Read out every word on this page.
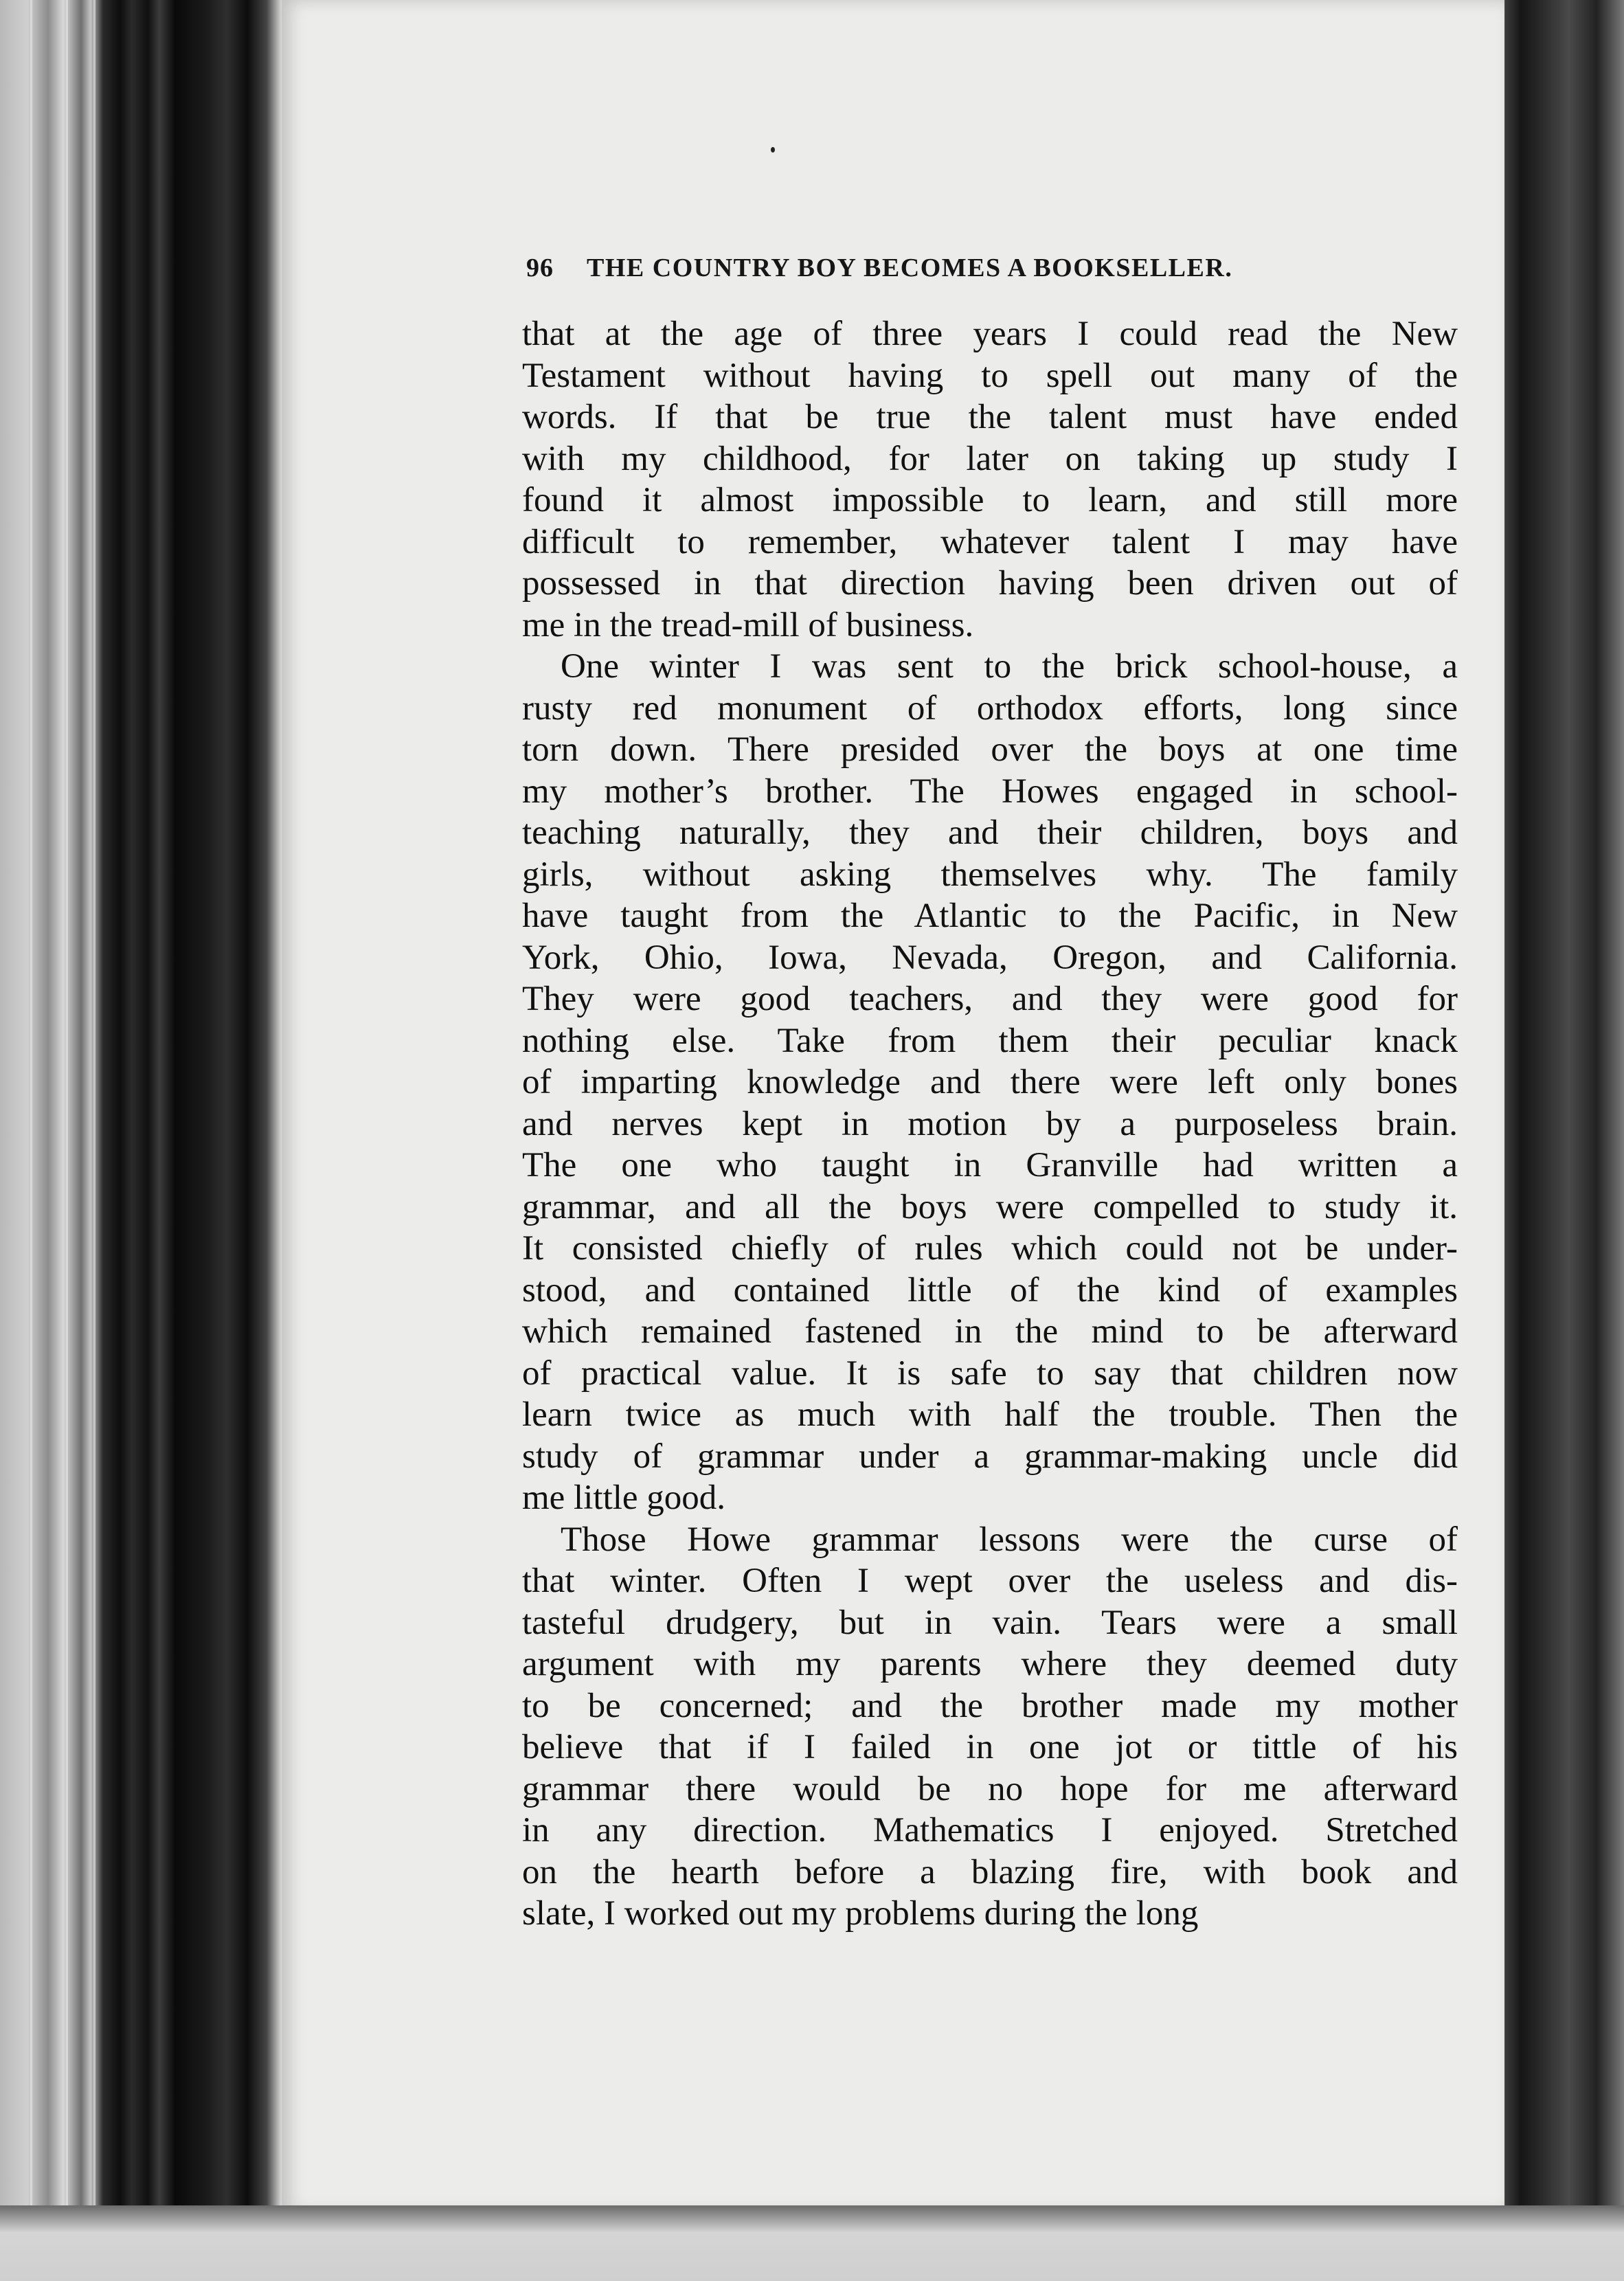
96 THE COUNTRY BOY BECOMES A BOOKSELLER.
that at the age of three years I could read the New
Testament without having to spell out many of the
words. If that be true the talent must have ended
with my childhood, for later on taking up study I
found it almost impossible to learn, and still more
difficult to remember, whatever talent I may have
possessed in that direction having been driven out of
me in the tread-mill of business.
One winter I was sent to the brick school-house, a
rusty red monument of orthodox efforts, long since
torn down. There presided over the boys at one time
my mother’s brother. The Howes engaged in school-
teaching naturally, they and their children, boys and
girls, without asking themselves why. The family
have taught from the Atlantic to the Pacific, in New
York, Ohio, Iowa, Nevada, Oregon, and California.
They were good teachers, and they were good for
nothing else. Take from them their peculiar knack
of imparting knowledge and there were left only bones
and nerves kept in motion by a purposeless brain.
The one who taught in Granville had written a
grammar, and all the boys were compelled to study it.
It consisted chiefly of rules which could not be under-
stood, and contained little of the kind of examples
which remained fastened in the mind to be afterward
of practical value. It is safe to say that children now
learn twice as much with half the trouble. Then the
study of grammar under a grammar-making uncle did
me little good.
Those Howe grammar lessons were the curse of
that winter. Often I wept over the useless and dis-
tasteful drudgery, but in vain. Tears were a small
argument with my parents where they deemed duty
to be concerned; and the brother made my mother
believe that if I failed in one jot or tittle of his
grammar there would be no hope for me afterward
in any direction. Mathematics I enjoyed. Stretched
on the hearth before a blazing fire, with book and
slate, I worked out my problems during the long
